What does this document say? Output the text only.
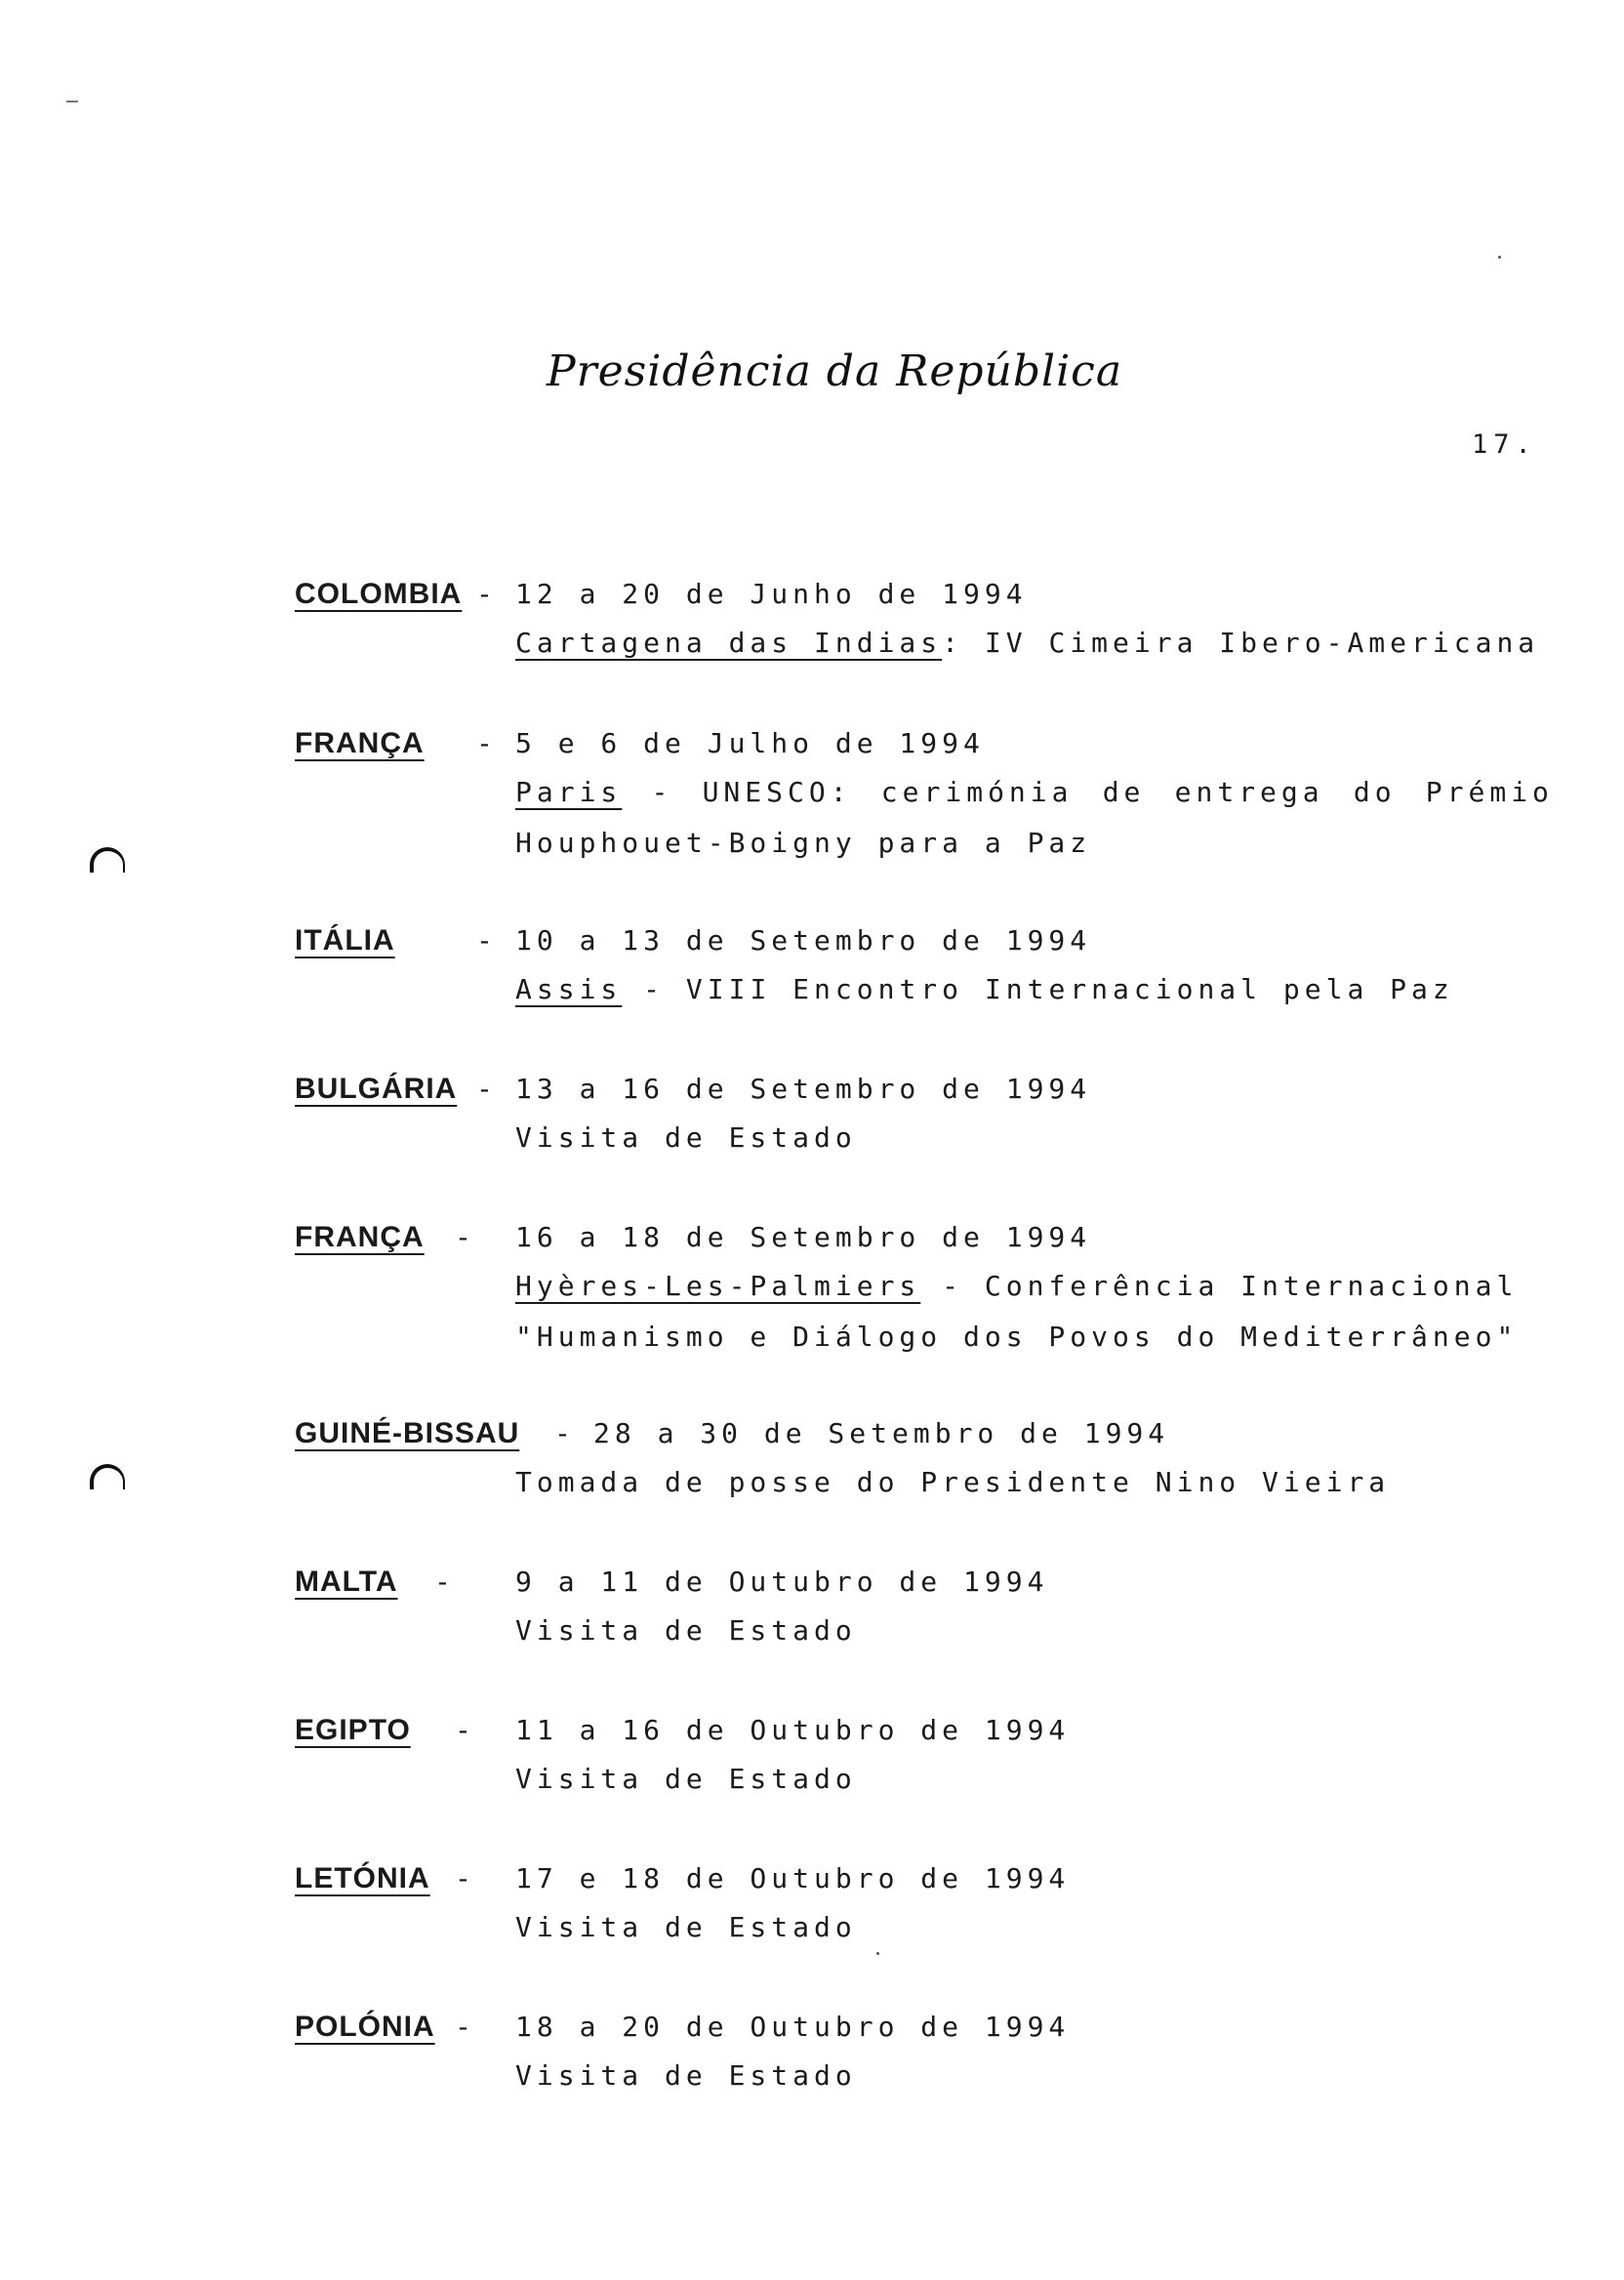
Presidência da República
17.
COLOMBIA - 12 a 20 de Junho de 1994
Cartagena das Indias: IV Cimeira Ibero-Americana
FRANÇA - 5 e 6 de Julho de 1994
Paris - UNESCO: cerimónia de entrega do Prémio
Houphouet-Boigny para a Paz
ITÁLIA	- 10 a 13 de Setembro de 1994
Assis - VIII Encontro Internacional pela Paz
BULGÁRIA - 13 a 16 de Setembro de 1994
Visita de Estado
FRANÇA - 16 a 18 de Setembro de 1994
Hyères-Les-Palmiers - Conferência Internacional
"Humanismo e Diálogo dos Povos do Mediterrâneo"
GUINÉ-BISSAU - 28 a 30 de Setembro de 1994
Tomada de posse do Presidente Nino Vieira
MALTA - 9 a 11 de Outubro de 1994
Visita de Estado
EGIPTO - 11 a 16 de Outubro de 1994
Visita de Estado
LETÓNIA - 17 e 18 de Outubro de 1994
Visita de Estado
POLÓNIA - 18 a 20 de Outubro de 1994
Visita de Estado
